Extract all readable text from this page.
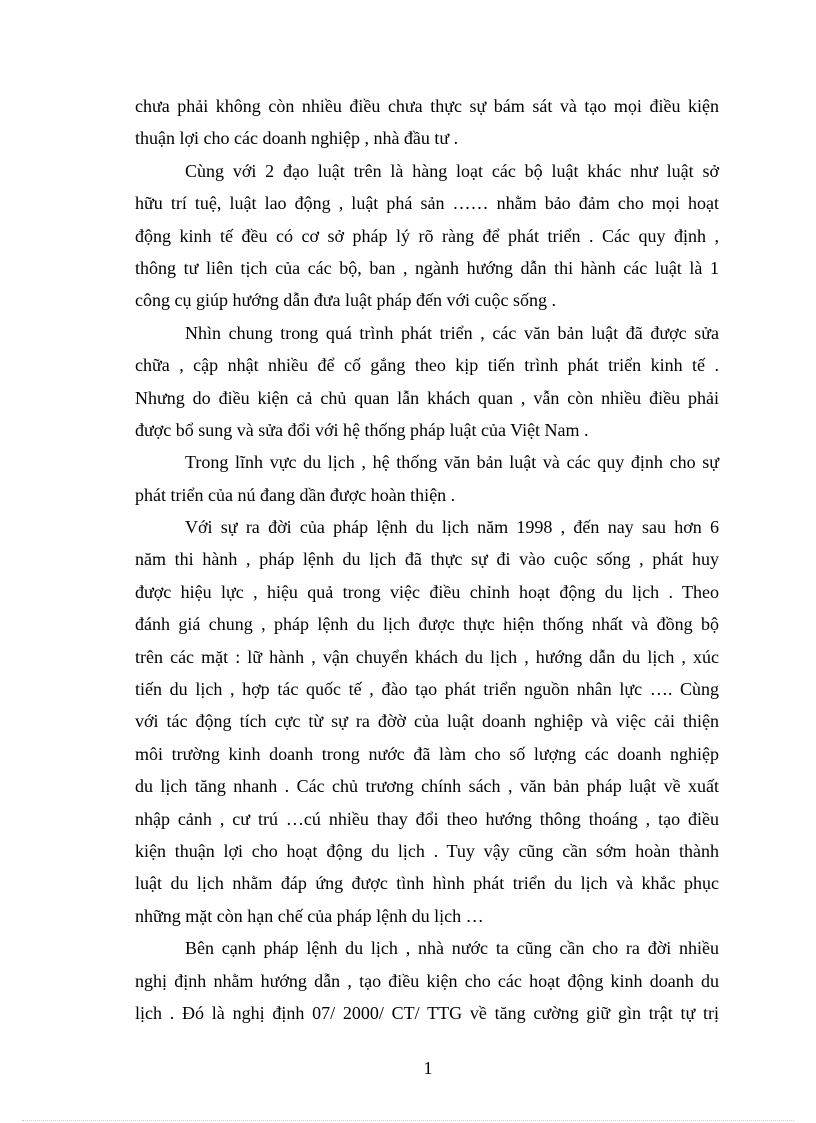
chưa phải không còn nhiều điều chưa thực sự bám sát và tạo mọi điều kiện
thuận lợi cho các doanh nghiệp , nhà đầu tư .
Cùng với 2 đạo luật trên là hàng loạt các bộ luật khác như luật sở
hữu trí tuệ, luật lao động , luật phá sản …… nhằm bảo đảm cho mọi hoạt
động kinh tế đều có cơ sở pháp lý rõ ràng để phát triển . Các quy định ,
thông tư liên tịch của các bộ, ban , ngành hướng dẫn thi hành các luật là 1
công cụ giúp hướng dẫn đưa luật pháp đến với cuộc sống .
Nhìn chung trong quá trình phát triển , các văn bản luật đã được sửa
chữa , cập nhật nhiều để cố gắng theo kịp tiến trình phát triển kinh tế .
Nhưng do điều kiện cả chủ quan lẫn khách quan , vẫn còn nhiều điều phải
được bổ sung và sửa đổi với hệ thống pháp luật của Việt Nam .
Trong lĩnh vực du lịch , hệ thống văn bản luật và các quy định cho sự
phát triển của nú đang dần được hoàn thiện .
Với sự ra đời của pháp lệnh du lịch năm 1998 , đến nay sau hơn 6
năm thi hành , pháp lệnh du lịch đã thực sự đi vào cuộc sống , phát huy
được hiệu lực , hiệu quả trong việc điều chỉnh hoạt động du lịch . Theo
đánh giá chung , pháp lệnh du lịch được thực hiện thống nhất và đồng bộ
trên các mặt : lữ hành , vận chuyển khách du lịch , hướng dẫn du lịch , xúc
tiến du lịch , hợp tác quốc tế , đào tạo phát triển nguồn nhân lực …. Cùng
với tác động tích cực từ sự ra đờờ của luật doanh nghiệp và việc cải thiện
môi trường kinh doanh trong nước đã làm cho số lượng các doanh nghiệp
du lịch tăng nhanh . Các chủ trương chính sách , văn bản pháp luật về xuất
nhập cảnh , cư trú …cú nhiều thay đổi theo hướng thông thoáng , tạo điều
kiện thuận lợi cho hoạt động du lịch . Tuy vậy cũng cần sớm hoàn thành
luật du lịch nhằm đáp ứng được tình hình phát triển du lịch và khắc phục
những mặt còn hạn chế của pháp lệnh du lịch …
Bên cạnh pháp lệnh du lịch , nhà nước ta cũng cần cho ra đời nhiều
nghị định nhằm hướng dẫn , tạo điều kiện cho các hoạt động kinh doanh du
lịch . Đó là nghị định 07/ 2000/ CT/ TTG về tăng cường giữ gìn trật tự trị
1
